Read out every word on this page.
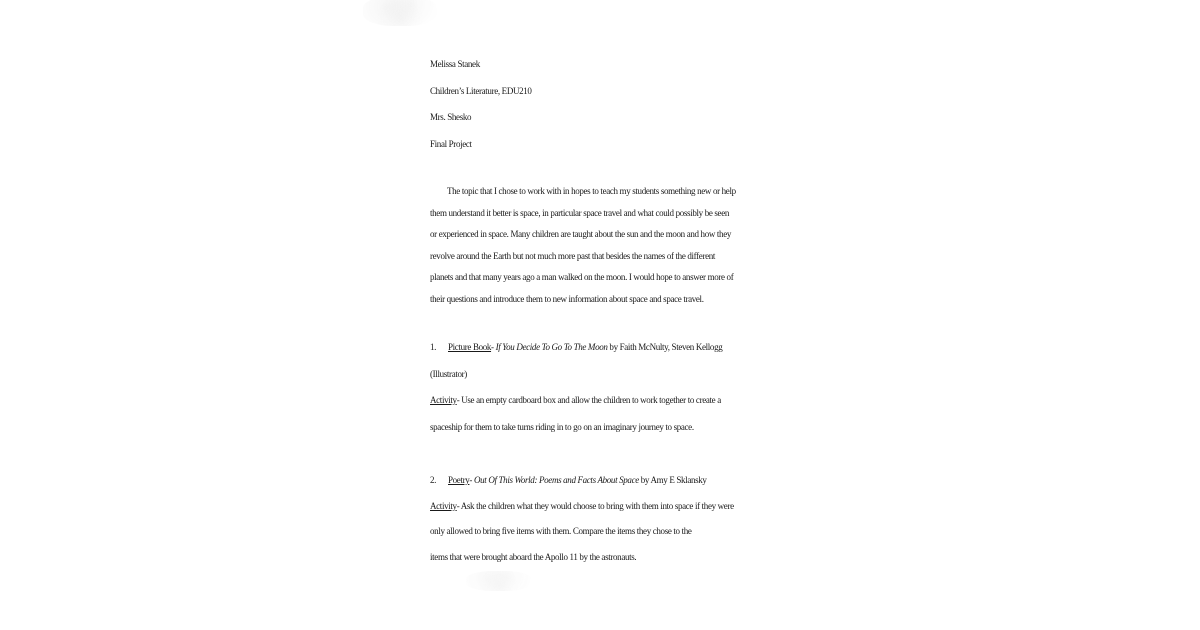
Melissa Stanek
Children’s Literature, EDU210
Mrs. Shesko
Final Project
The topic that I chose to work with in hopes to teach my students something new or help
them understand it better is space, in particular space travel and what could possibly be seen
or experienced in space. Many children are taught about the sun and the moon and how they
revolve around the Earth but not much more past that besides the names of the different
planets and that many years ago a man walked on the moon. I would hope to answer more of
their questions and introduce them to new information about space and space travel.
1. Picture Book- If You Decide To Go To The Moon by Faith McNulty, Steven Kellogg
(Illustrator)
Activity- Use an empty cardboard box and allow the children to work together to create a
spaceship for them to take turns riding in to go on an imaginary journey to space.
2. Poetry- Out Of This World: Poems and Facts About Space by Amy E Sklansky
Activity- Ask the children what they would choose to bring with them into space if they were
only allowed to bring five items with them. Compare the items they chose to the
items that were brought aboard the Apollo 11 by the astronauts.
